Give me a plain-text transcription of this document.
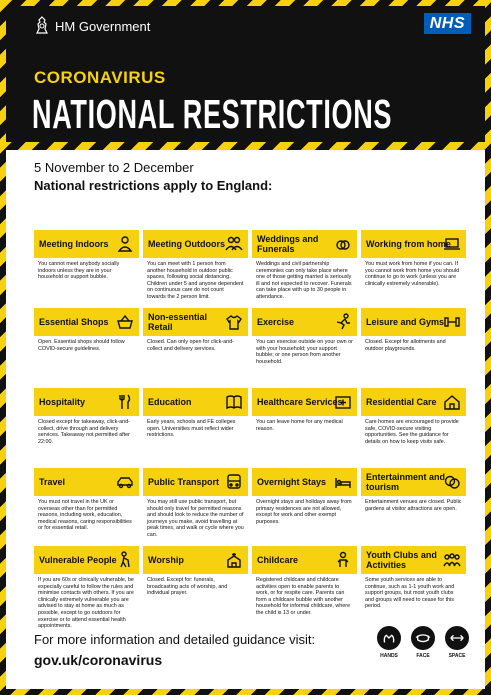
HM Government	NHS
CORONAVIRUS
NATIONAL RESTRICTIONS
5 November to 2 December
National restrictions apply to England:
Meeting Indoors
You cannot meet anybody socially indoors unless they are in your household or support bubble.
Meeting Outdoors
You can meet with 1 person from another household in outdoor public spaces, following social distancing. Children under 5 and anyone dependent on continuous care do not count towards the 2 person limit.
Weddings and Funerals
Weddings and civil partnership ceremonies can only take place where one of those getting married is seriously ill and not expected to recover. Funerals can take place with up to 30 people in attendance.
Working from home
You must work from home if you can. If you cannot work from home you should continue to go to work (unless you are clinically extremely vulnerable).
Essential Shops
Open. Essential shops should follow COVID-secure guidelines.
Non-essential Retail
Closed. Can only open for click-and-collect and delivery services.
Exercise
You can exercise outside on your own or with your household; your support bubble; or one person from another household.
Leisure and Gyms
Closed. Except for allotments and outdoor playgrounds.
Hospitality
Closed except for takeaway, click-and-collect, drive through and delivery services. Takeaway not permitted after 22:00.
Education
Early years, schools and FE colleges open. Universities must reflect wider restrictions.
Healthcare Services
You can leave home for any medical reason.
Residential Care
Care homes are encouraged to provide safe, COVID-secure visiting opportunities. See the guidance for details on how to keep visits safe.
Travel
You must not travel in the UK or overseas other than for permitted reasons, including work, education, medical reasons, caring responsibilities or for essential retail.
Public Transport
You may still use public transport, but should only travel for permitted reasons and should look to reduce the number of journeys you make, avoid travelling at peak times, and walk or cycle where you can.
Overnight Stays
Overnight stays and holidays away from primary residences are not allowed, except for work and other exempt purposes.
Entertainment and tourism
Entertainment venues are closed. Public gardens at visitor attractions are open.
Vulnerable People
If you are 60s or clinically vulnerable, be especially careful to follow the rules and minimise contacts with others. If you are clinically extremely vulnerable you are advised to stay at home as much as possible, except to go outdoors for exercise or to attend essential health appointments.
Worship
Closed. Except for: funerals, broadcasting acts of worship, and individual prayer.
Childcare
Registered childcare and childcare activities open to enable parents to work, or for respite care. Parents can form a childcare bubble with another household for informal childcare, where the child is 13 or under.
Youth Clubs and Activities
Some youth services are able to continue, such as 1-1 youth work and support groups, but most youth clubs and groups will need to cease for this period.
For more information and detailed guidance visit:
gov.uk/coronavirus	HANDS	FACE	SPACE
